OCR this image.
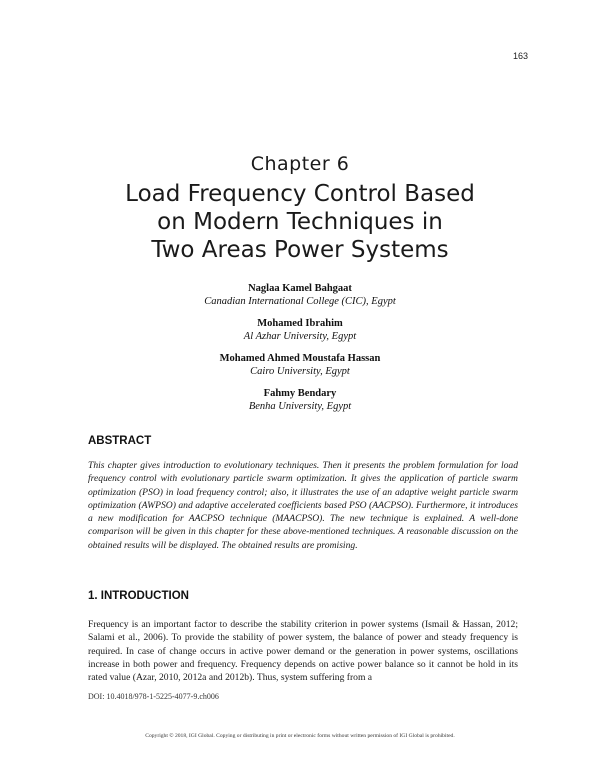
163
Chapter 6
Load Frequency Control Based
on Modern Techniques in
Two Areas Power Systems
Naglaa Kamel Bahgaat
Canadian International College (CIC), Egypt
Mohamed Ibrahim
Al Azhar University, Egypt
Mohamed Ahmed Moustafa Hassan
Cairo University, Egypt
Fahmy Bendary
Benha University, Egypt
ABSTRACT

This chapter gives introduction to evolutionary techniques. Then it presents the problem formulation for load frequency control with evolutionary particle swarm optimization. It gives the application of particle swarm optimization (PSO) in load frequency control; also, it illustrates the use of an adaptive weight particle swarm optimization (AWPSO) and adaptive accelerated coefficients based PSO (AACPSO). Furthermore, it introduces a new modification for AACPSO technique (MAACPSO). The new technique is explained. A well-done comparison will be given in this chapter for these above-mentioned techniques. A reasonable discussion on the obtained results will be displayed. The obtained results are promising.

1. INTRODUCTION

Frequency is an important factor to describe the stability criterion in power systems (Ismail & Hassan, 2012; Salami et al., 2006). To provide the stability of power system, the balance of power and steady frequency is required. In case of change occurs in active power demand or the generation in power systems, oscillations increase in both power and frequency. Frequency depends on active power balance so it cannot be hold in its rated value (Azar, 2010, 2012a and 2012b). Thus, system suffering from a

DOI: 10.4018/978-1-5225-4077-9.ch006
Copyright © 2018, IGI Global. Copying or distributing in print or electronic forms without written permission of IGI Global is prohibited.
